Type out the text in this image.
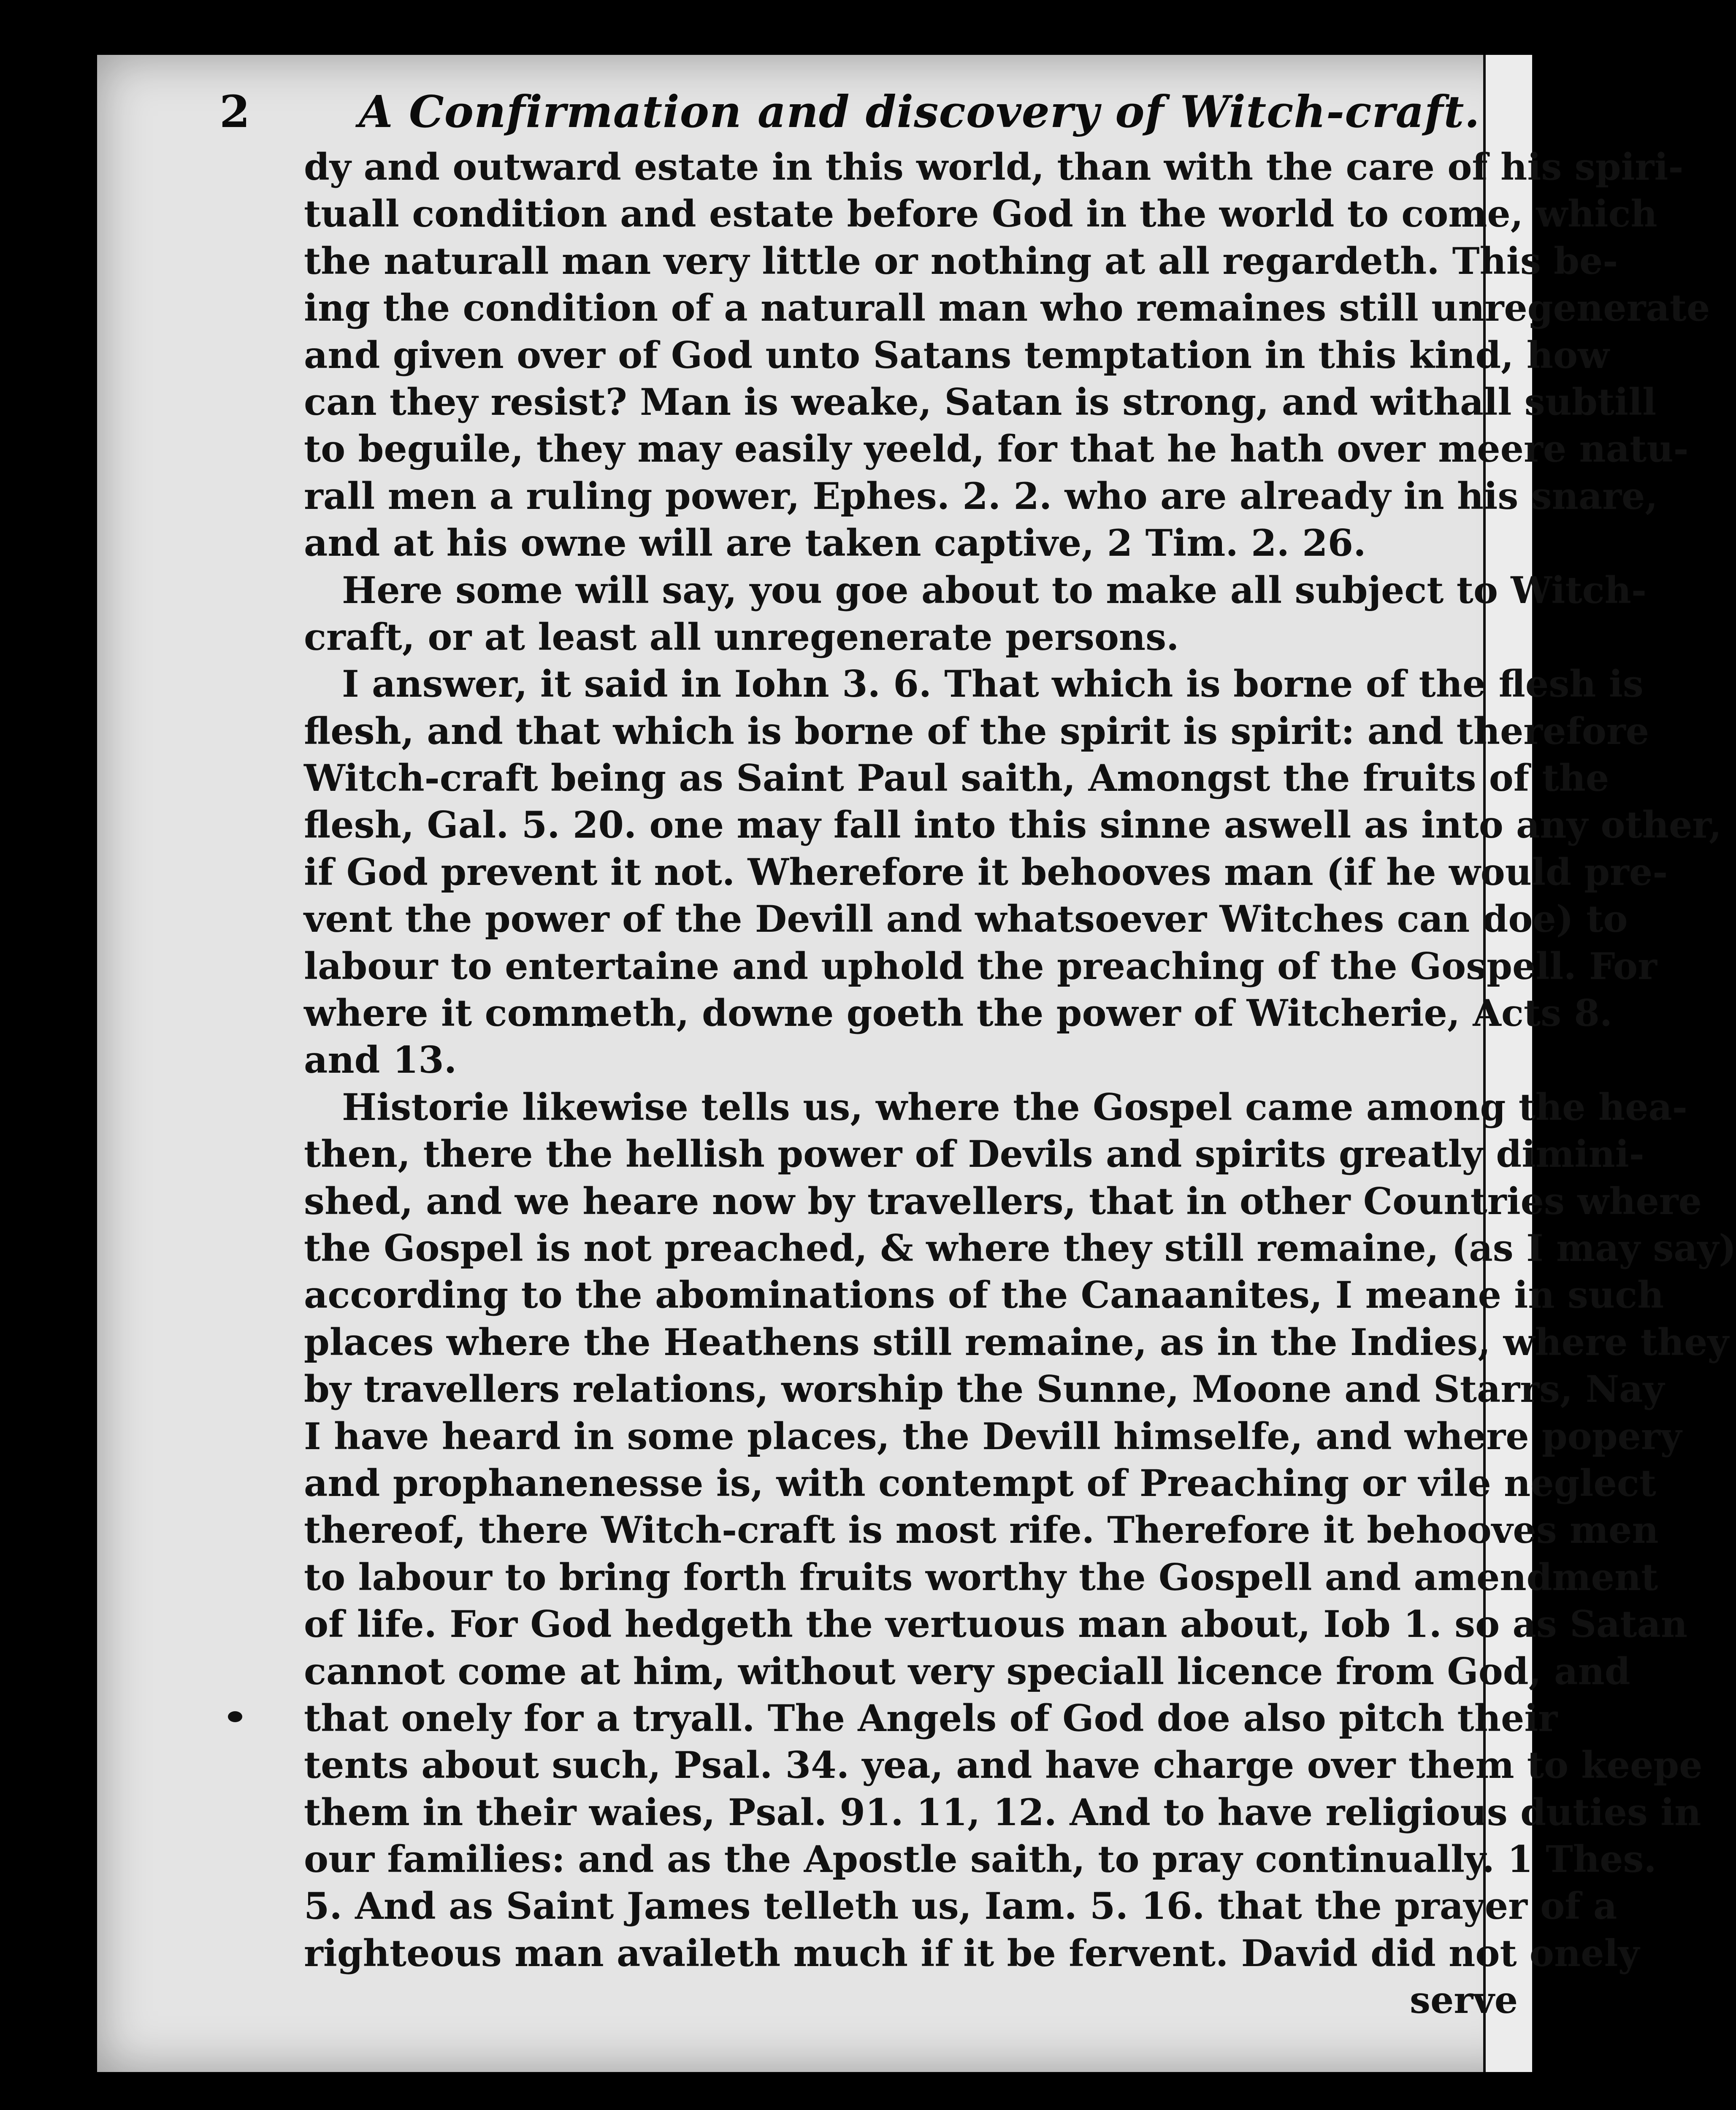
2 A Confirmation and discovery of Witch-craft.
dy and outward estate in this world, than with the care of his spiri-
tuall condition and estate before God in the world to come, which
the naturall man very little or nothing at all regardeth. This be-
ing the condition of a naturall man who remaines still unregenerate
and given over of God unto Satans temptation in this kind, how
can they resist? Man is weake, Satan is strong, and withall subtill
to beguile, they may easily yeeld, for that he hath over meere natu-
rall men a ruling power, Ephes. 2. 2. who are already in his snare,
and at his owne will are taken captive, 2 Tim. 2. 26.
Here some will say, you goe about to make all subject to Witch-
craft, or at least all unregenerate persons.
I answer, it said in Iohn 3. 6. That which is borne of the flesh is
flesh, and that which is borne of the spirit is spirit: and therefore
Witch-craft being as Saint Paul saith, Amongst the fruits of the
flesh, Gal. 5. 20. one may fall into this sinne aswell as into any other,
if God prevent it not. Wherefore it behooves man (if he would pre-
vent the power of the Devill and whatsoever Witches can doe) to
labour to entertaine and uphold the preaching of the Gospell. For
where it commeth, downe goeth the power of Witcherie, Acts 8.
and 13.
Historie likewise tells us, where the Gospel came among the hea-
then, there the hellish power of Devils and spirits greatly dimini-
shed, and we heare now by travellers, that in other Countries where
the Gospel is not preached, & where they still remaine, (as I may say)
according to the abominations of the Canaanites, I meane in such
places where the Heathens still remaine, as in the Indies, where they
by travellers relations, worship the Sunne, Moone and Starrs, Nay
I have heard in some places, the Devill himselfe, and where popery
and prophanenesse is, with contempt of Preaching or vile neglect
thereof, there Witch-craft is most rife. Therefore it behooves men
to labour to bring forth fruits worthy the Gospell and amendment
of life. For God hedgeth the vertuous man about, Iob 1. so as Satan
cannot come at him, without very speciall licence from God, and
that onely for a tryall. The Angels of God doe also pitch their
tents about such, Psal. 34. yea, and have charge over them to keepe
them in their waies, Psal. 91. 11, 12. And to have religious duties in
our families: and as the Apostle saith, to pray continually. 1 Thes.
5. And as Saint James telleth us, Iam. 5. 16. that the prayer of a
righteous man availeth much if it be fervent. David did not onely
serve
